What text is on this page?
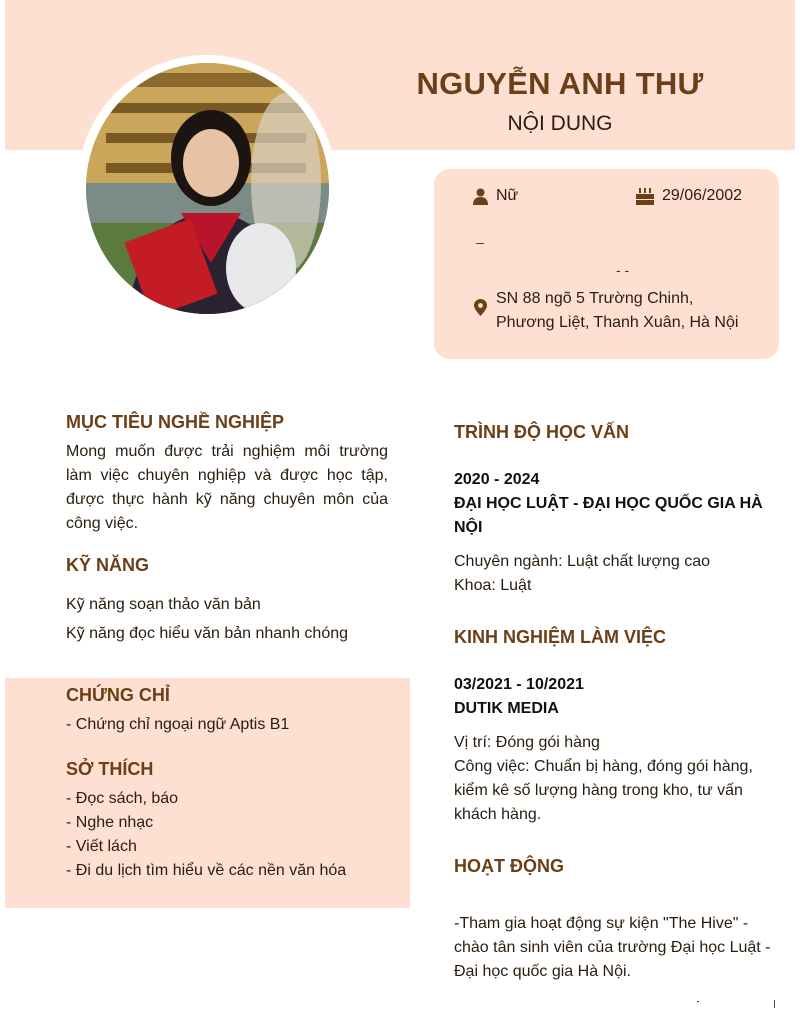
NGUYỄN ANH THƯ
NỘI DUNG
Nữ	29/06/2002
_
- -
SN 88 ngõ 5 Trường Chinh,
Phương Liệt, Thanh Xuân, Hà Nội
MỤC TIÊU NGHỀ NGHIỆP
Mong muốn được trải nghiệm môi trường làm việc chuyên nghiệp và được học tập, được thực hành kỹ năng chuyên môn của công việc.
KỸ NĂNG
Kỹ năng soạn thảo văn bản
Kỹ năng đọc hiểu văn bản nhanh chóng
CHỨNG CHỈ
- Chứng chỉ ngoại ngữ Aptis B1
SỞ THÍCH
- Đọc sách, báo
- Nghe nhạc
- Viết lách
- Đi du lịch tìm hiểu về các nền văn hóa
TRÌNH ĐỘ HỌC VẤN
2020 - 2024
ĐẠI HỌC LUẬT - ĐẠI HỌC QUỐC GIA HÀ NỘI
Chuyên ngành: Luật chất lượng cao
Khoa: Luật
KINH NGHIỆM LÀM VIỆC
03/2021 - 10/2021
DUTIK MEDIA
Vị trí: Đóng gói hàng
Công việc: Chuẩn bị hàng, đóng gói hàng, kiểm kê số lượng hàng trong kho, tư vấn khách hàng.
HOẠT ĐỘNG
-Tham gia hoạt động sự kiện "The Hive" - chào tân sinh viên của trường Đại học Luật - Đại học quốc gia Hà Nội.
